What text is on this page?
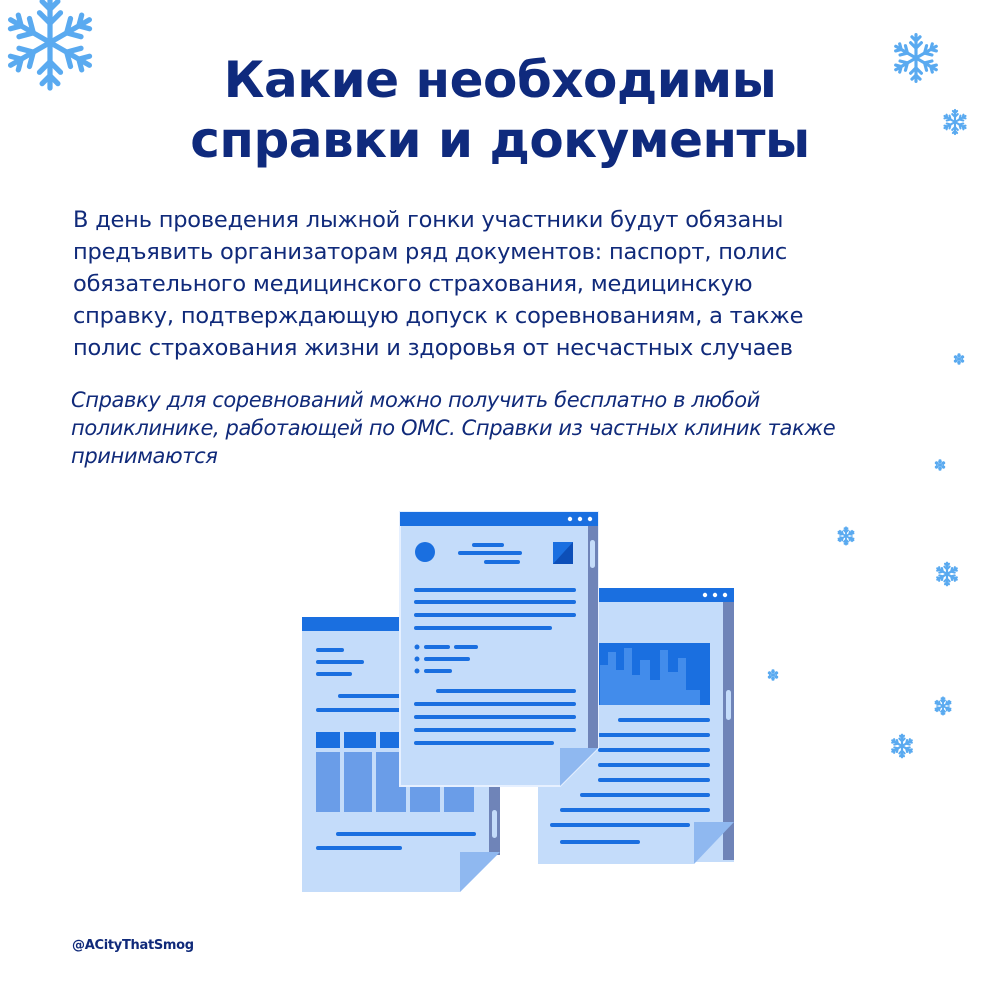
Какие необходимы
справки и документы
В день проведения лыжной гонки участники будут обязаны
предъявить организаторам ряд документов: паспорт, полис
обязательного медицинского страхования, медицинскую
справку, подтверждающую допуск к соревнованиям, а также
полис страхования жизни и здоровья от несчастных случаев
Справку для соревнований можно получить бесплатно в любой
поликлинике, работающей по ОМС. Справки из частных клиник также
принимаются
@ACityThatSmog
